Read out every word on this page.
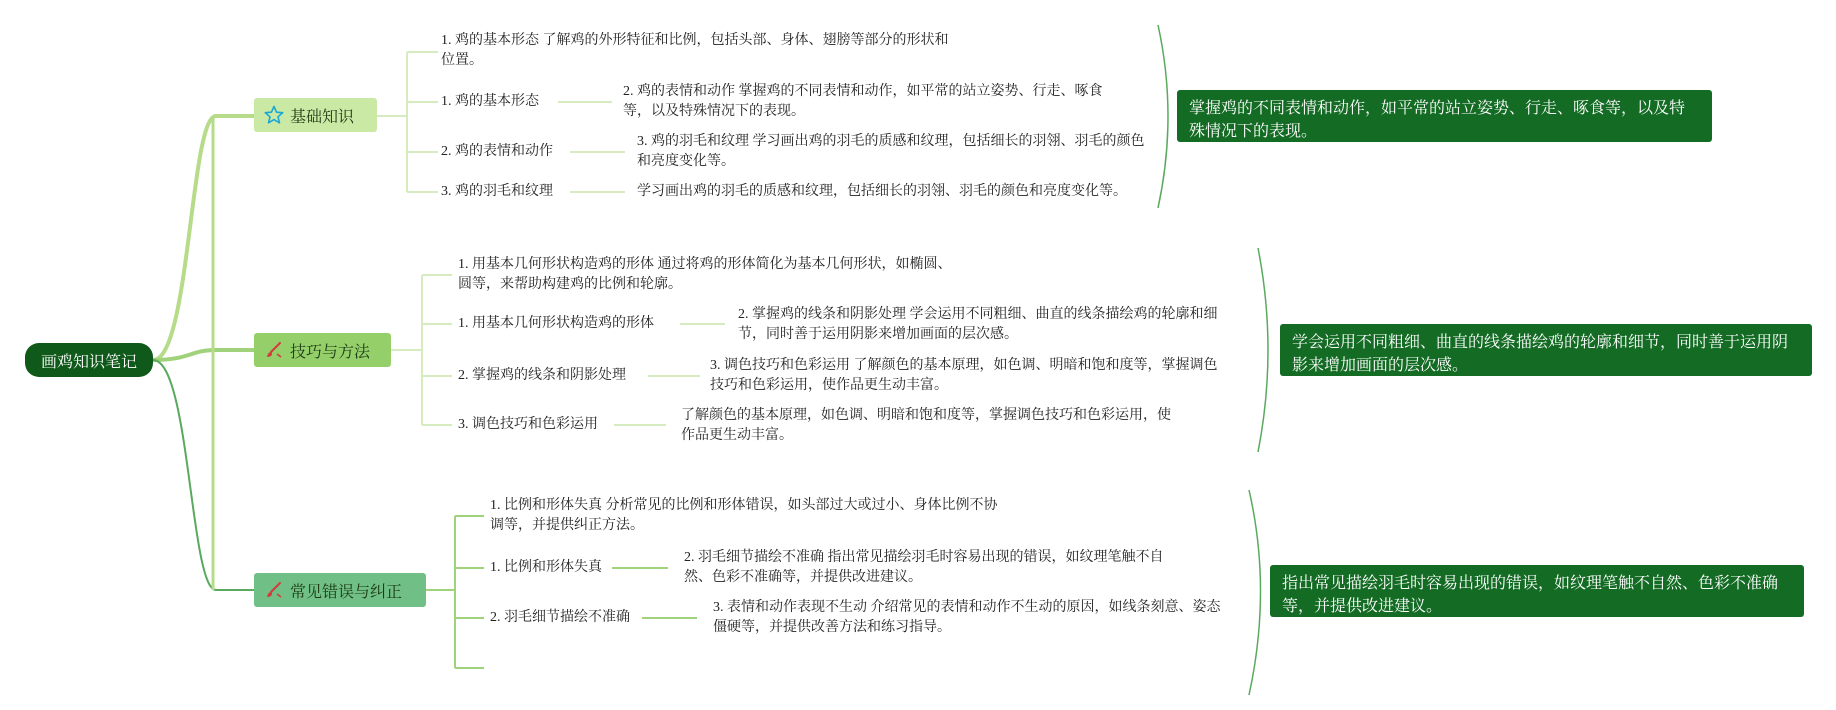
画鸡知识笔记
基础知识
技巧与方法
常见错误与纠正
1. 鸡的基本形态 了解鸡的外形特征和比例，包括头部、身体、翅膀等部分的形状和位置。
1. 鸡的基本形态
2. 鸡的表情和动作
3. 鸡的羽毛和纹理
2. 鸡的表情和动作 掌握鸡的不同表情和动作，如平常的站立姿势、行走、啄食等，以及特殊情况下的表现。
3. 鸡的羽毛和纹理 学习画出鸡的羽毛的质感和纹理，包括细长的羽翎、羽毛的颜色和亮度变化等。
学习画出鸡的羽毛的质感和纹理，包括细长的羽翎、羽毛的颜色和亮度变化等。
1. 用基本几何形状构造鸡的形体 通过将鸡的形体简化为基本几何形状，如椭圆、圆等，来帮助构建鸡的比例和轮廓。
1. 用基本几何形状构造鸡的形体
2. 掌握鸡的线条和阴影处理
3. 调色技巧和色彩运用
2. 掌握鸡的线条和阴影处理 学会运用不同粗细、曲直的线条描绘鸡的轮廓和细节，同时善于运用阴影来增加画面的层次感。
3. 调色技巧和色彩运用 了解颜色的基本原理，如色调、明暗和饱和度等，掌握调色技巧和色彩运用，使作品更生动丰富。
了解颜色的基本原理，如色调、明暗和饱和度等，掌握调色技巧和色彩运用，使作品更生动丰富。
1. 比例和形体失真 分析常见的比例和形体错误，如头部过大或过小、身体比例不协调等，并提供纠正方法。
1. 比例和形体失真
2. 羽毛细节描绘不准确
2. 羽毛细节描绘不准确 指出常见描绘羽毛时容易出现的错误，如纹理笔触不自然、色彩不准确等，并提供改进建议。
3. 表情和动作表现不生动 介绍常见的表情和动作不生动的原因，如线条刻意、姿态僵硬等，并提供改善方法和练习指导。
掌握鸡的不同表情和动作，如平常的站立姿势、行走、啄食等，以及特殊情况下的表现。
学会运用不同粗细、曲直的线条描绘鸡的轮廓和细节，同时善于运用阴影来增加画面的层次感。
指出常见描绘羽毛时容易出现的错误，如纹理笔触不自然、色彩不准确等，并提供改进建议。
